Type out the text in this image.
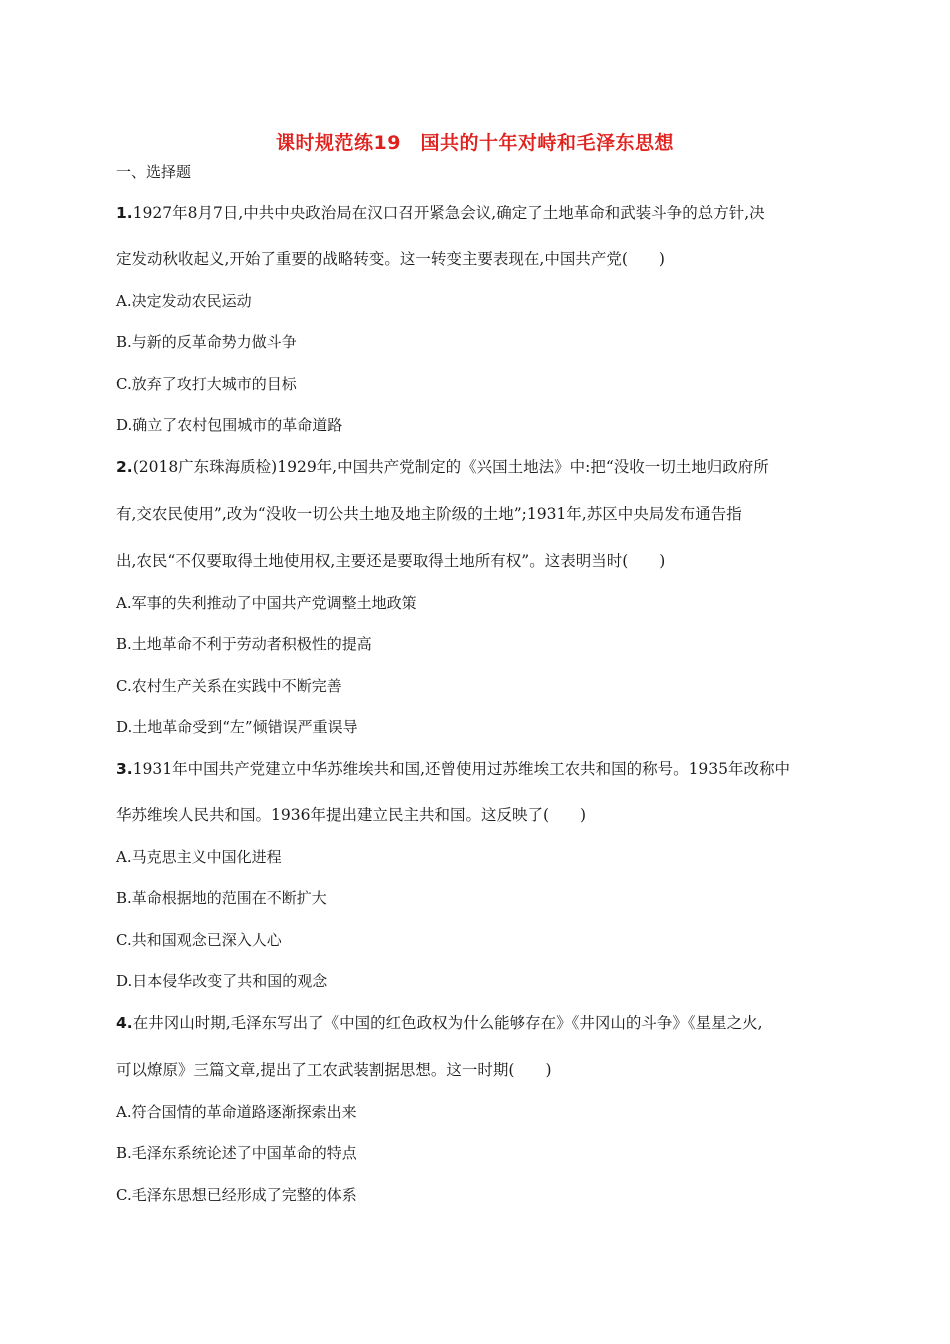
课时规范练19　国共的十年对峙和毛泽东思想
一、选择题
1.1927年8月7日,中共中央政治局在汉口召开紧急会议,确定了土地革命和武装斗争的总方针,决
定发动秋收起义,开始了重要的战略转变。这一转变主要表现在,中国共产党(　　)
A.决定发动农民运动
B.与新的反革命势力做斗争
C.放弃了攻打大城市的目标
D.确立了农村包围城市的革命道路
2.(2018广东珠海质检)1929年,中国共产党制定的《兴国土地法》中:把“没收一切土地归政府所
有,交农民使用”,改为“没收一切公共土地及地主阶级的土地”;1931年,苏区中央局发布通告指
出,农民“不仅要取得土地使用权,主要还是要取得土地所有权”。这表明当时(　　)
A.军事的失利推动了中国共产党调整土地政策
B.土地革命不利于劳动者积极性的提高
C.农村生产关系在实践中不断完善
D.土地革命受到“左”倾错误严重误导
3.1931年中国共产党建立中华苏维埃共和国,还曾使用过苏维埃工农共和国的称号。1935年改称中
华苏维埃人民共和国。1936年提出建立民主共和国。这反映了(　　)
A.马克思主义中国化进程
B.革命根据地的范围在不断扩大
C.共和国观念已深入人心
D.日本侵华改变了共和国的观念
4.在井冈山时期,毛泽东写出了《中国的红色政权为什么能够存在》《井冈山的斗争》《星星之火,
可以燎原》三篇文章,提出了工农武装割据思想。这一时期(　　)
A.符合国情的革命道路逐渐探索出来
B.毛泽东系统论述了中国革命的特点
C.毛泽东思想已经形成了完整的体系
